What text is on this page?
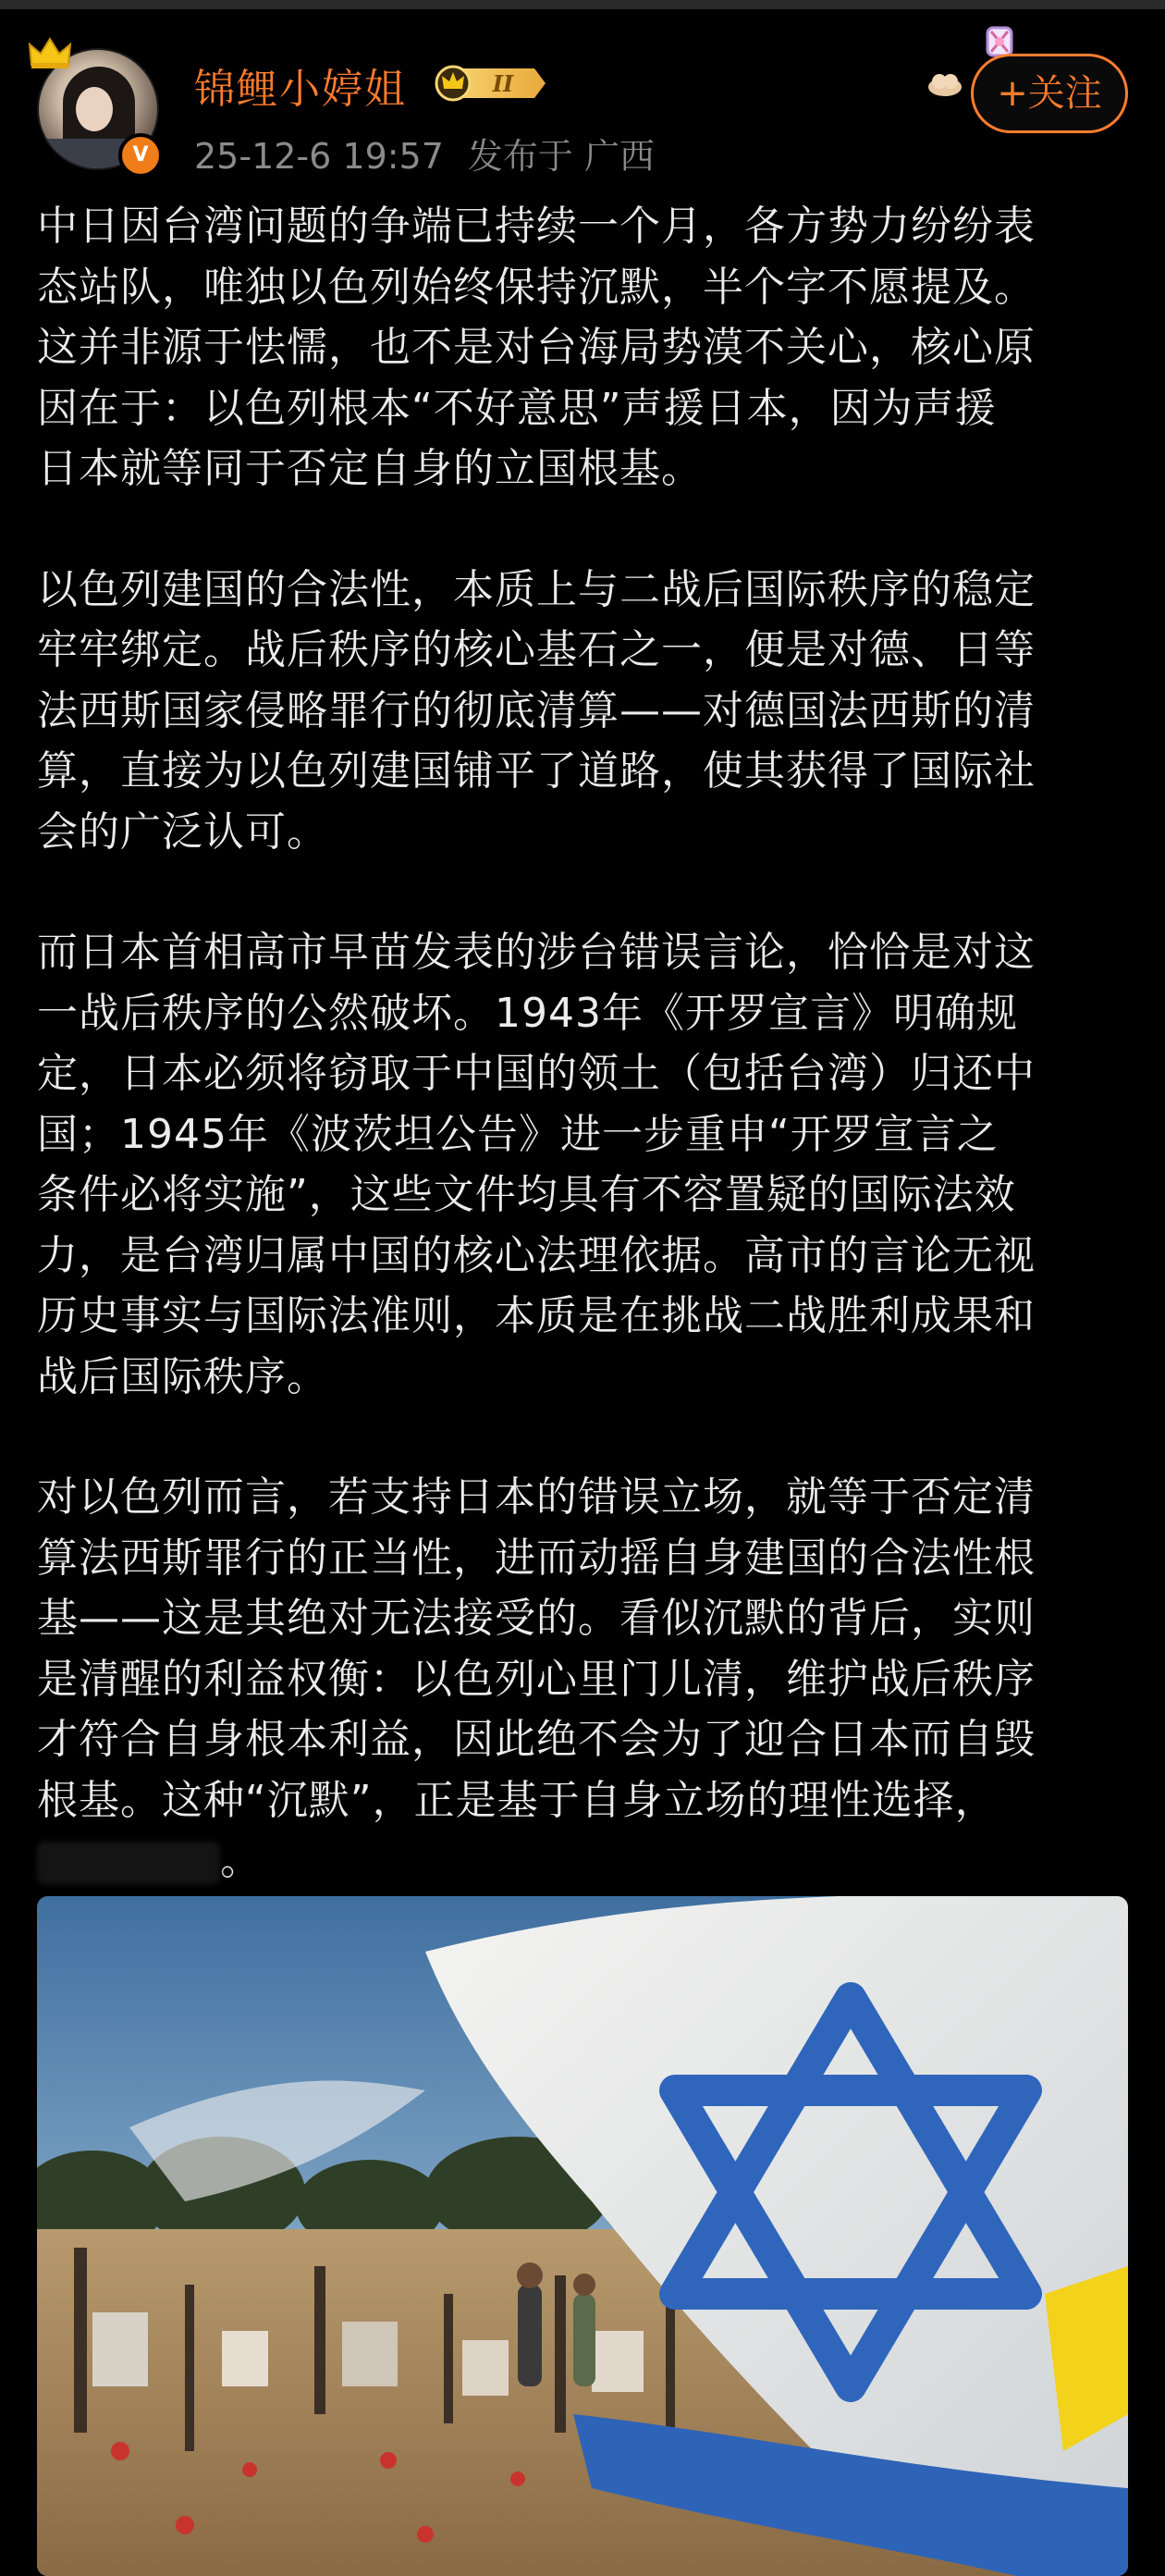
V
锦鲤小婷姐	II
25-12-6 19:57 发布于 广西
+关注

中日因台湾问题的争端已持续一个月，各方势力纷纷表
态站队，唯独以色列始终保持沉默，半个字不愿提及。
这并非源于怯懦，也不是对台海局势漠不关心，核心原
因在于：以色列根本“不好意思”声援日本，因为声援
日本就等同于否定自身的立国根基。

以色列建国的合法性，本质上与二战后国际秩序的稳定
牢牢绑定。战后秩序的核心基石之一，便是对德、日等
法西斯国家侵略罪行的彻底清算——对德国法西斯的清
算，直接为以色列建国铺平了道路，使其获得了国际社
会的广泛认可。

而日本首相高市早苗发表的涉台错误言论，恰恰是对这
一战后秩序的公然破坏。1943年《开罗宣言》明确规
定，日本必须将窃取于中国的领土（包括台湾）归还中
国；1945年《波茨坦公告》进一步重申“开罗宣言之
条件必将实施”，这些文件均具有不容置疑的国际法效
力，是台湾归属中国的核心法理依据。高市的言论无视
历史事实与国际法准则，本质是在挑战二战胜利成果和
战后国际秩序。

对以色列而言，若支持日本的错误立场，就等于否定清
算法西斯罪行的正当性，进而动摇自身建国的合法性根
基——这是其绝对无法接受的。看似沉默的背后，实则
是清醒的利益权衡：以色列心里门儿清，维护战后秩序
才符合自身根本利益，因此绝不会为了迎合日本而自毁
根基。这种“沉默”，正是基于自身立场的理性选择，

。
